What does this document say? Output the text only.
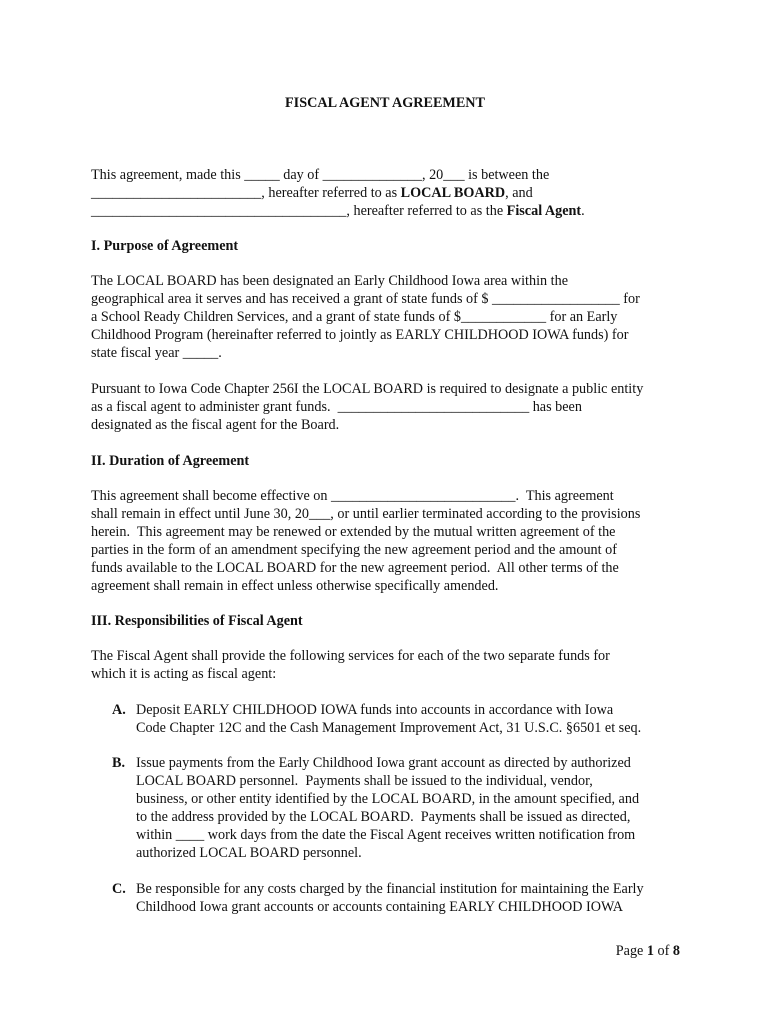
FISCAL AGENT AGREEMENT
This agreement, made this _____ day of ______________, 20___ is between the
________________________, hereafter referred to as LOCAL BOARD, and
____________________________________, hereafter referred to as the Fiscal Agent.
I. Purpose of Agreement
The LOCAL BOARD has been designated an Early Childhood Iowa area within the
geographical area it serves and has received a grant of state funds of $ __________________ for
a School Ready Children Services, and a grant of state funds of $____________ for an Early
Childhood Program (hereinafter referred to jointly as EARLY CHILDHOOD IOWA funds) for
state fiscal year _____.
Pursuant to Iowa Code Chapter 256I the LOCAL BOARD is required to designate a public entity
as a fiscal agent to administer grant funds.  ___________________________ has been
designated as the fiscal agent for the Board.
II. Duration of Agreement
This agreement shall become effective on __________________________.  This agreement
shall remain in effect until June 30, 20___, or until earlier terminated according to the provisions
herein.  This agreement may be renewed or extended by the mutual written agreement of the
parties in the form of an amendment specifying the new agreement period and the amount of
funds available to the LOCAL BOARD for the new agreement period.  All other terms of the
agreement shall remain in effect unless otherwise specifically amended.
III. Responsibilities of Fiscal Agent
The Fiscal Agent shall provide the following services for each of the two separate funds for
which it is acting as fiscal agent:
A. Deposit EARLY CHILDHOOD IOWA funds into accounts in accordance with Iowa
Code Chapter 12C and the Cash Management Improvement Act, 31 U.S.C. §6501 et seq.
B. Issue payments from the Early Childhood Iowa grant account as directed by authorized
LOCAL BOARD personnel.  Payments shall be issued to the individual, vendor,
business, or other entity identified by the LOCAL BOARD, in the amount specified, and
to the address provided by the LOCAL BOARD.  Payments shall be issued as directed,
within ____ work days from the date the Fiscal Agent receives written notification from
authorized LOCAL BOARD personnel.
C. Be responsible for any costs charged by the financial institution for maintaining the Early
Childhood Iowa grant accounts or accounts containing EARLY CHILDHOOD IOWA
Page 1 of 8
